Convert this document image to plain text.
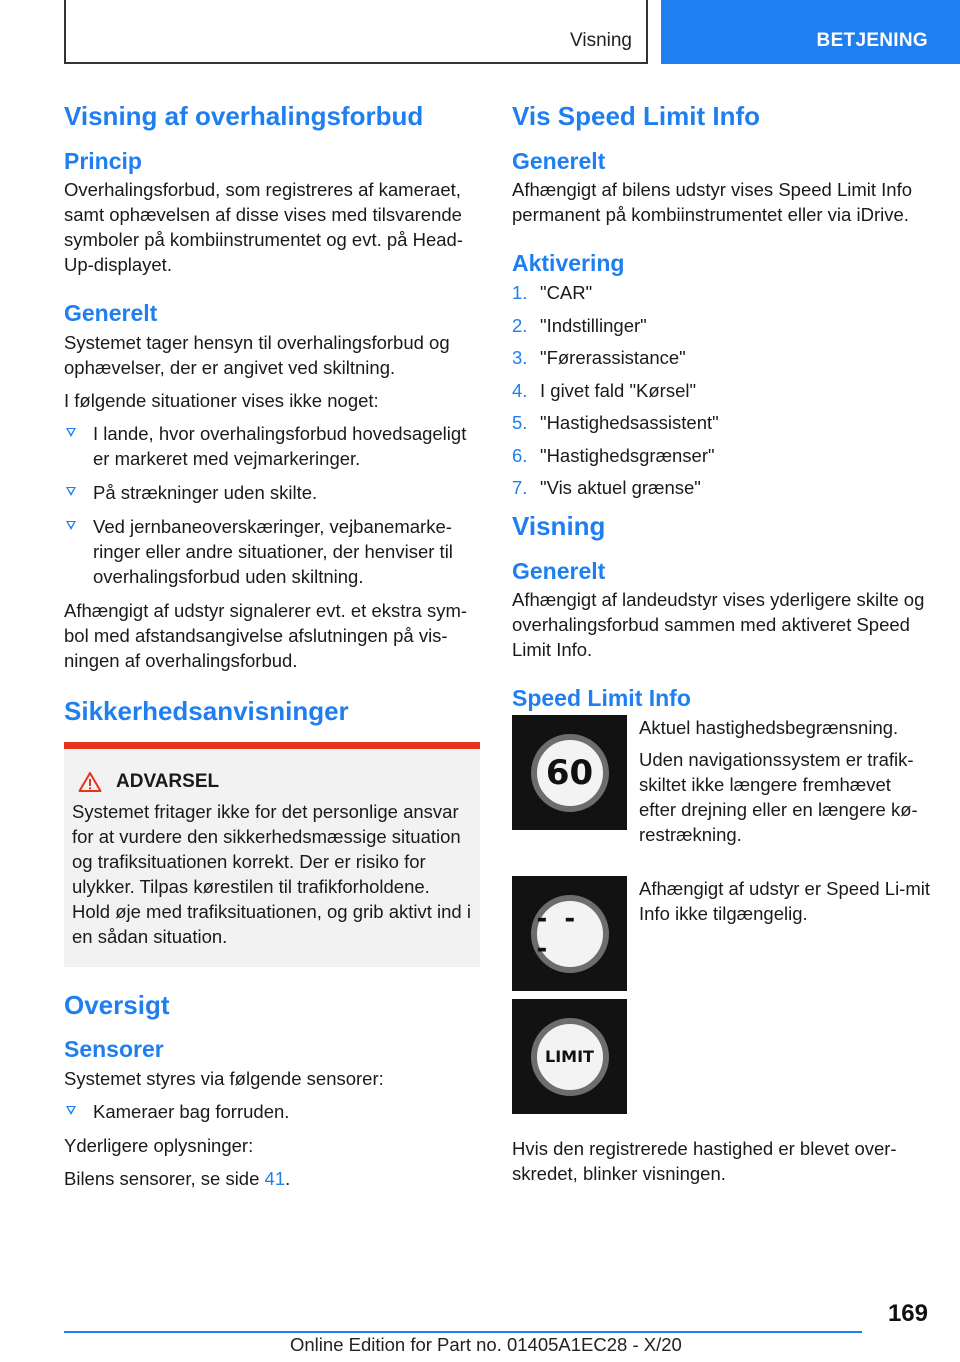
Visning	BETJENING
Visning af overhalingsforbud
Princip

Overhalingsforbud, som registreres af kameraet, samt ophævelsen af disse vises med tilsvarende symboler på kombiinstrumentet og evt. på Head-Up-displayet.

Generelt

Systemet tager hensyn til overhalingsforbud og ophævelser, der er angivet ved skiltning.

I følgende situationer vises ikke noget:

I lande, hvor overhalingsforbud hovedsageligt er markeret med vejmarkeringer.
På strækninger uden skilte.
Ved jernbaneoverskæringer, vejbanemarke-ringer eller andre situationer, der henviser til overhalingsforbud uden skiltning.

Afhængigt af udstyr signalerer evt. et ekstra sym-bol med afstandsangivelse afslutningen på vis-ningen af overhalingsforbud.

Sikkerhedsanvisninger
ADVARSEL

Systemet fritager ikke for det personlige ansvar for at vurdere den sikkerhedsmæssige situation og trafiksituationen korrekt. Der er risiko for ulykker. Tilpas kørestilen til trafikforholdene. Hold øje med trafiksituationen, og grib aktivt ind i en sådan situation.

Oversigt
Sensorer

Systemet styres via følgende sensorer:

Kameraer bag forruden.

Yderligere oplysninger:

Bilens sensorer, se side 41.

Vis Speed Limit Info
Generelt

Afhængigt af bilens udstyr vises Speed Limit Info permanent på kombiinstrumentet eller via iDrive.

Aktivering
1. "CAR"
2. "Indstillinger"
3. "Førerassistance"
4. I givet fald "Kørsel"
5. "Hastighedsassistent"
6. "Hastighedsgrænser"
7. "Vis aktuel grænse"
Visning
Generelt

Afhængigt af landeudstyr vises yderligere skilte og overhalingsforbud sammen med aktiveret Speed Limit Info.

Speed Limit Info
60

Aktuel hastighedsbegrænsning.

Uden navigationssystem er trafik-skiltet ikke længere fremhævet efter drejning eller en længere kø-restrækning.

- - -

Afhængigt af udstyr er Speed Li-mit Info ikke tilgængelig.

LIMIT

Hvis den registrerede hastighed er blevet over-skredet, blinker visningen.

169
Online Edition for Part no. 01405A1EC28 - X/20
